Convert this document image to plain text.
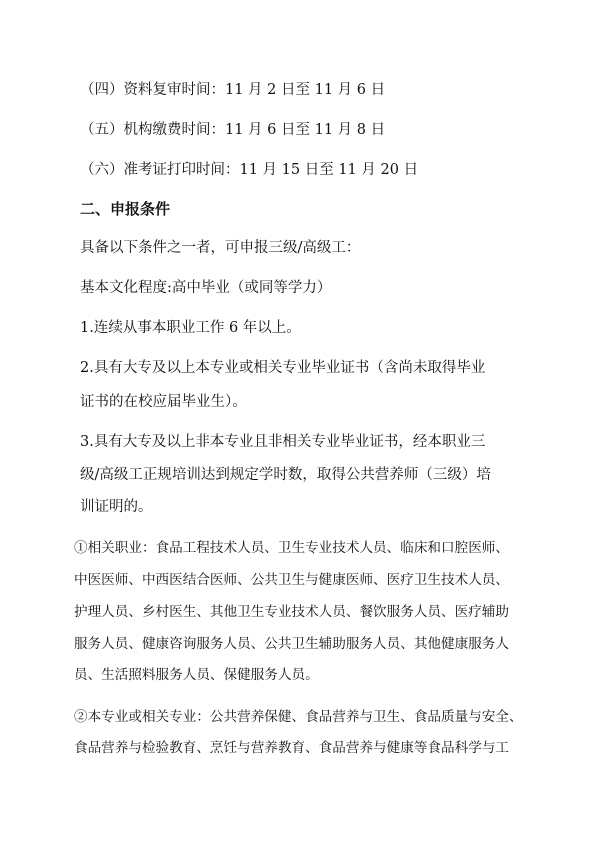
（四）资料复审时间：11 月 2 日至 11 月 6 日
（五）机构缴费时间：11 月 6 日至 11 月 8 日
（六）准考证打印时间：11 月 15 日至 11 月 20 日
二、申报条件
具备以下条件之一者，可申报三级/高级工：
基本文化程度:高中毕业（或同等学力）
1.连续从事本职业工作 6 年以上。
2.具有大专及以上本专业或相关专业毕业证书（含尚未取得毕业
证书的在校应届毕业生）。
3.具有大专及以上非本专业且非相关专业毕业证书，经本职业三
级/高级工正规培训达到规定学时数，取得公共营养师（三级）培
训证明的。
①相关职业：食品工程技术人员、卫生专业技术人员、临床和口腔医师、
中医医师、中西医结合医师、公共卫生与健康医师、医疗卫生技术人员、
护理人员、乡村医生、其他卫生专业技术人员、餐饮服务人员、医疗辅助
服务人员、健康咨询服务人员、公共卫生辅助服务人员、其他健康服务人
员、生活照料服务人员、保健服务人员。
②本专业或相关专业：公共营养保健、食品营养与卫生、食品质量与安全、
食品营养与检验教育、烹饪与营养教育、食品营养与健康等食品科学与工
